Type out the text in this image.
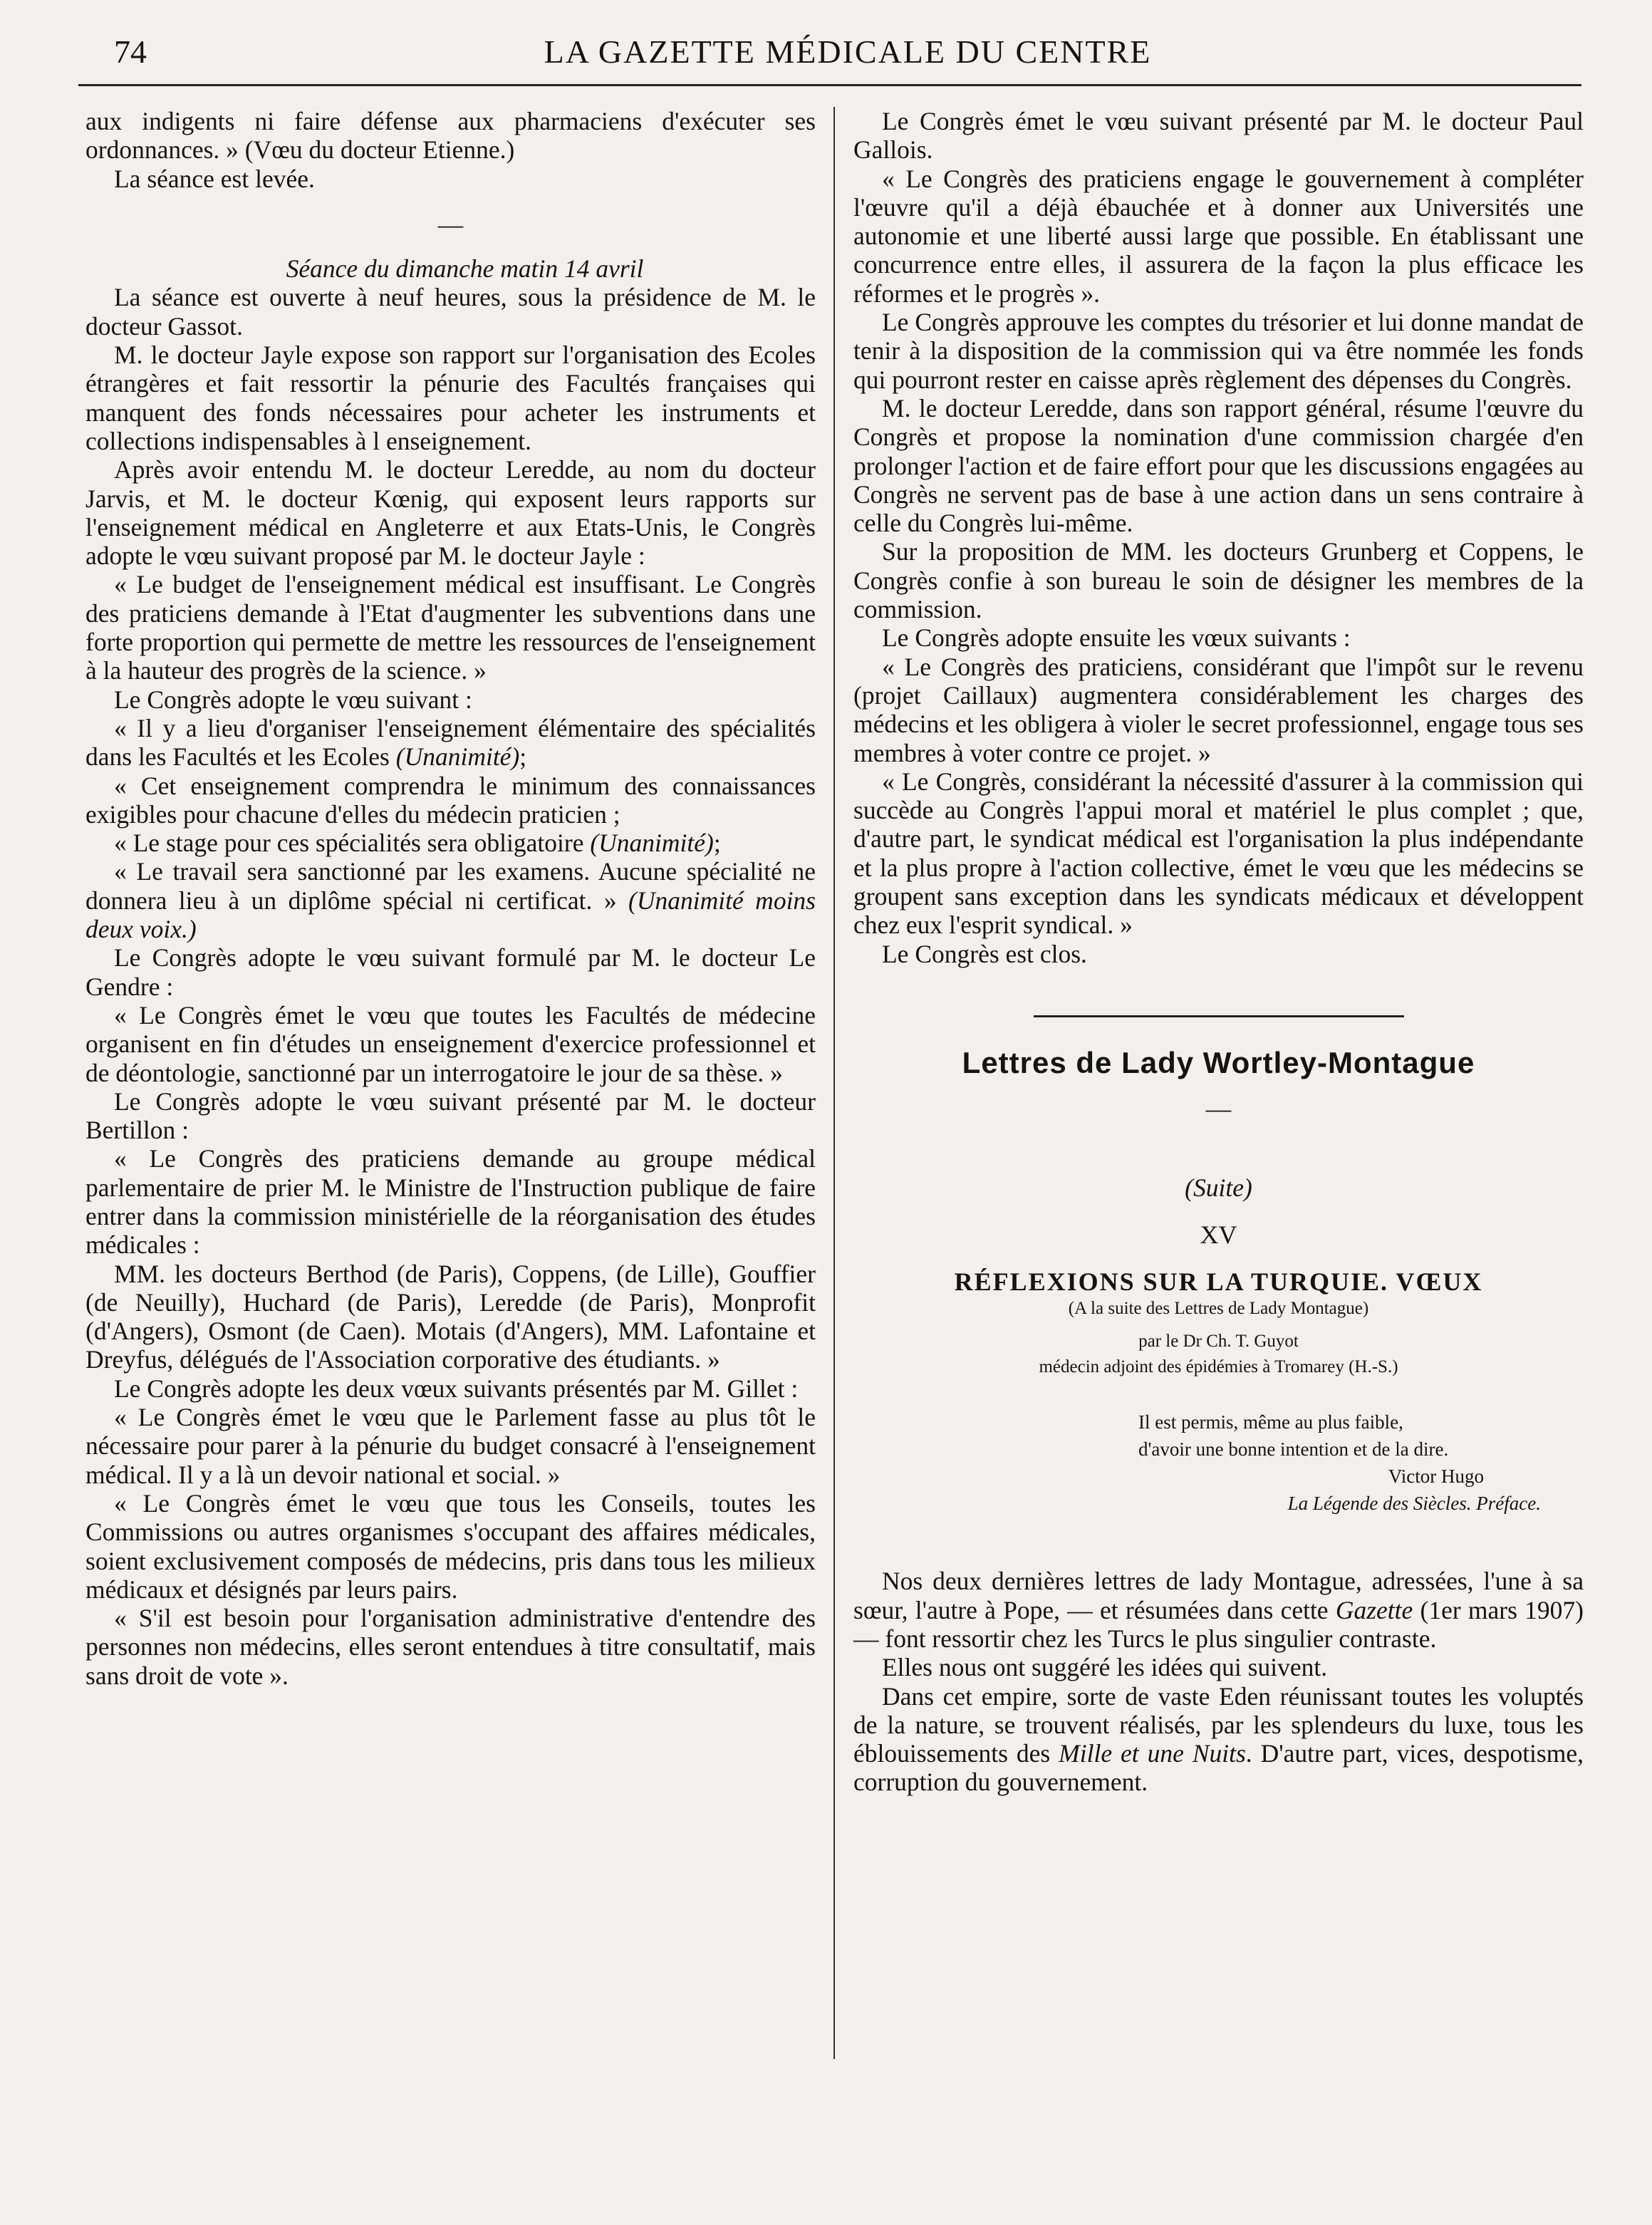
74	LA GAZETTE MÉDICALE DU CENTRE

aux indigents ni faire défense aux pharmaciens d'exécuter ses ordonnances. » (Vœu du docteur Etienne.)

La séance est levée.

—

Séance du dimanche matin 14 avril

La séance est ouverte à neuf heures, sous la présidence de M. le docteur Gassot.

M. le docteur Jayle expose son rapport sur l'organisation des Ecoles étrangères et fait ressortir la pénurie des Facultés françaises qui manquent des fonds nécessaires pour acheter les instruments et collections indispensables à l enseignement.

Après avoir entendu M. le docteur Leredde, au nom du docteur Jarvis, et M. le docteur Kœnig, qui exposent leurs rapports sur l'enseignement médical en Angleterre et aux Etats-Unis, le Congrès adopte le vœu suivant proposé par M. le docteur Jayle :

« Le budget de l'enseignement médical est insuffisant. Le Congrès des praticiens demande à l'Etat d'augmenter les subventions dans une forte proportion qui permette de mettre les ressources de l'enseignement à la hauteur des progrès de la science. »

Le Congrès adopte le vœu suivant :

« Il y a lieu d'organiser l'enseignement élémentaire des spécialités dans les Facultés et les Ecoles (Unanimité);

« Cet enseignement comprendra le minimum des connaissances exigibles pour chacune d'elles du médecin praticien ;

« Le stage pour ces spécialités sera obligatoire (Unanimité);

« Le travail sera sanctionné par les examens. Aucune spécialité ne donnera lieu à un diplôme spécial ni certificat. » (Unanimité moins deux voix.)

Le Congrès adopte le vœu suivant formulé par M. le docteur Le Gendre :

« Le Congrès émet le vœu que toutes les Facultés de médecine organisent en fin d'études un enseignement d'exercice professionnel et de déontologie, sanctionné par un interrogatoire le jour de sa thèse. »

Le Congrès adopte le vœu suivant présenté par M. le docteur Bertillon :

« Le Congrès des praticiens demande au groupe médical parlementaire de prier M. le Ministre de l'Instruction publique de faire entrer dans la commission ministérielle de la réorganisation des études médicales :

MM. les docteurs Berthod (de Paris), Coppens, (de Lille), Gouffier (de Neuilly), Huchard (de Paris), Leredde (de Paris), Monprofit (d'Angers), Osmont (de Caen). Motais (d'Angers), MM. Lafontaine et Dreyfus, délégués de l'Association corporative des étudiants. »

Le Congrès adopte les deux vœux suivants présentés par M. Gillet :

« Le Congrès émet le vœu que le Parlement fasse au plus tôt le nécessaire pour parer à la pénurie du budget consacré à l'enseignement médical. Il y a là un devoir national et social. »

« Le Congrès émet le vœu que tous les Conseils, toutes les Commissions ou autres organismes s'occupant des affaires médicales, soient exclusivement composés de médecins, pris dans tous les milieux médicaux et désignés par leurs pairs.

« S'il est besoin pour l'organisation administrative d'entendre des personnes non médecins, elles seront entendues à titre consultatif, mais sans droit de vote ».

Le Congrès émet le vœu suivant présenté par M. le docteur Paul Gallois.

« Le Congrès des praticiens engage le gouvernement à compléter l'œuvre qu'il a déjà ébauchée et à donner aux Universités une autonomie et une liberté aussi large que possible. En établissant une concurrence entre elles, il assurera de la façon la plus efficace les réformes et le progrès ».

Le Congrès approuve les comptes du trésorier et lui donne mandat de tenir à la disposition de la commission qui va être nommée les fonds qui pourront rester en caisse après règlement des dépenses du Congrès.

M. le docteur Leredde, dans son rapport général, résume l'œuvre du Congrès et propose la nomination d'une commission chargée d'en prolonger l'action et de faire effort pour que les discussions engagées au Congrès ne servent pas de base à une action dans un sens contraire à celle du Congrès lui-même.

Sur la proposition de MM. les docteurs Grunberg et Coppens, le Congrès confie à son bureau le soin de désigner les membres de la commission.

Le Congrès adopte ensuite les vœux suivants :

« Le Congrès des praticiens, considérant que l'impôt sur le revenu (projet Caillaux) augmentera considérablement les charges des médecins et les obligera à violer le secret professionnel, engage tous ses membres à voter contre ce projet. »

« Le Congrès, considérant la nécessité d'assurer à la commission qui succède au Congrès l'appui moral et matériel le plus complet ; que, d'autre part, le syndicat médical est l'organisation la plus indépendante et la plus propre à l'action collective, émet le vœu que les médecins se groupent sans exception dans les syndicats médicaux et développent chez eux l'esprit syndical. »

Le Congrès est clos.

Lettres de Lady Wortley-Montague
—
(Suite)
XV
RÉFLEXIONS SUR LA TURQUIE. VŒUX
(A la suite des Lettres de Lady Montague)
par le Dr Ch. T. Guyot
médecin adjoint des épidémies à Tromarey (H.-S.)
Il est permis, même au plus faible,
d'avoir une bonne intention et de la dire.
Victor Hugo
La Légende des Siècles. Préface.

Nos deux dernières lettres de lady Montague, adressées, l'une à sa sœur, l'autre à Pope, — et résumées dans cette Gazette (1er mars 1907) — font ressortir chez les Turcs le plus singulier contraste.

Elles nous ont suggéré les idées qui suivent.

Dans cet empire, sorte de vaste Eden réunissant toutes les voluptés de la nature, se trouvent réalisés, par les splendeurs du luxe, tous les éblouissements des Mille et une Nuits. D'autre part, vices, despotisme, corruption du gouvernement.
